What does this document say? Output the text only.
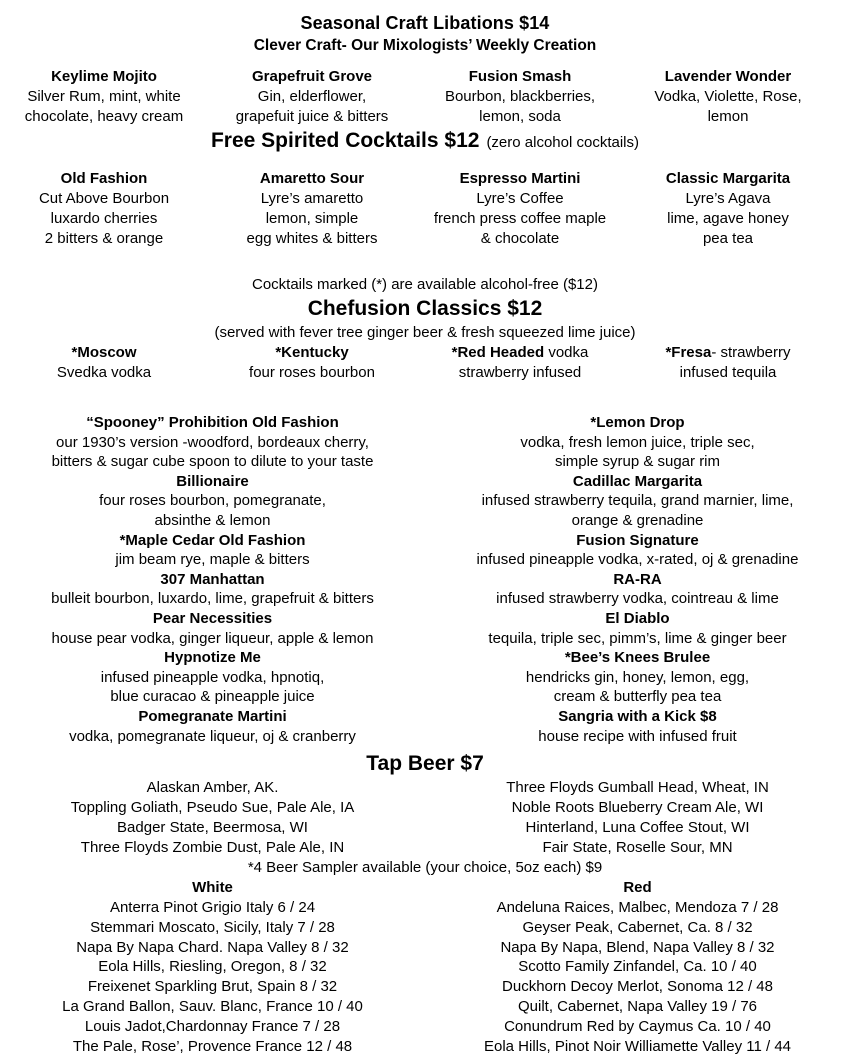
Seasonal Craft Libations $14
Clever Craft- Our Mixologists’ Weekly Creation
Keylime Mojito
Silver Rum, mint, white
chocolate, heavy cream
Grapefruit Grove
Gin, elderflower,
grapefuit juice & bitters
Fusion Smash
Bourbon, blackberries,
lemon, soda
Lavender Wonder
Vodka, Violette, Rose,
lemon
Free Spirited Cocktails $12 (zero alcohol cocktails)
Old Fashion
Cut Above Bourbon
luxardo cherries
2 bitters & orange
Amaretto Sour
Lyre’s amaretto
lemon, simple
egg whites & bitters
Espresso Martini
Lyre’s Coffee
french press coffee maple
& chocolate
Classic Margarita
Lyre’s Agava
lime, agave honey
pea tea
Cocktails marked (*) are available alcohol-free ($12)
Chefusion Classics $12
(served with fever tree ginger beer & fresh squeezed lime juice)
*Moscow
Svedka vodka
*Kentucky
four roses bourbon
*Red Headed vodka
strawberry infused
*Fresa- strawberry
infused tequila
“Spooney” Prohibition Old Fashion
our 1930’s version -woodford, bordeaux cherry,
bitters & sugar cube spoon to dilute to your taste
Billionaire
four roses bourbon, pomegranate,
absinthe & lemon
*Maple Cedar Old Fashion
jim beam rye, maple & bitters
307 Manhattan
bulleit bourbon, luxardo, lime, grapefruit & bitters
Pear Necessities
house pear vodka, ginger liqueur, apple & lemon
Hypnotize Me
infused pineapple vodka, hpnotiq,
blue curacao & pineapple juice
Pomegranate Martini
vodka, pomegranate liqueur, oj & cranberry
*Lemon Drop
vodka, fresh lemon juice, triple sec,
simple syrup & sugar rim
Cadillac Margarita
infused strawberry tequila, grand marnier, lime,
orange & grenadine
Fusion Signature
infused pineapple vodka, x-rated, oj & grenadine
RA-RA
infused strawberry vodka, cointreau & lime
El Diablo
tequila, triple sec, pimm’s, lime & ginger beer
*Bee’s Knees Brulee
hendricks gin, honey, lemon, egg,
cream & butterfly pea tea
Sangria with a Kick $8
house recipe with infused fruit
Tap Beer $7
Alaskan Amber, AK.
Toppling Goliath, Pseudo Sue, Pale Ale, IA
Badger State, Beermosa, WI
Three Floyds Zombie Dust, Pale Ale, IN
Three Floyds Gumball Head, Wheat, IN
Noble Roots Blueberry Cream Ale, WI
Hinterland, Luna Coffee Stout, WI
Fair State, Roselle Sour, MN
*4 Beer Sampler available (your choice, 5oz each) $9
White	Red
Anterra Pinot Grigio Italy 6 / 24
Stemmari Moscato, Sicily, Italy 7 / 28
Napa By Napa Chard. Napa Valley 8 / 32
Eola Hills, Riesling, Oregon, 8 / 32
Freixenet Sparkling Brut, Spain 8 / 32
La Grand Ballon, Sauv. Blanc, France 10 / 40
Louis Jadot,Chardonnay France 7 / 28
The Pale, Rose’, Provence France 12 / 48
Andeluna Raices, Malbec, Mendoza 7 / 28
Geyser Peak, Cabernet, Ca. 8 / 32
Napa By Napa, Blend, Napa Valley 8 / 32
Scotto Family Zinfandel, Ca. 10 / 40
Duckhorn Decoy Merlot, Sonoma 12 / 48
Quilt, Cabernet, Napa Valley 19 / 76
Conundrum Red by Caymus Ca. 10 / 40
Eola Hills, Pinot Noir Williamette Valley 11 / 44
